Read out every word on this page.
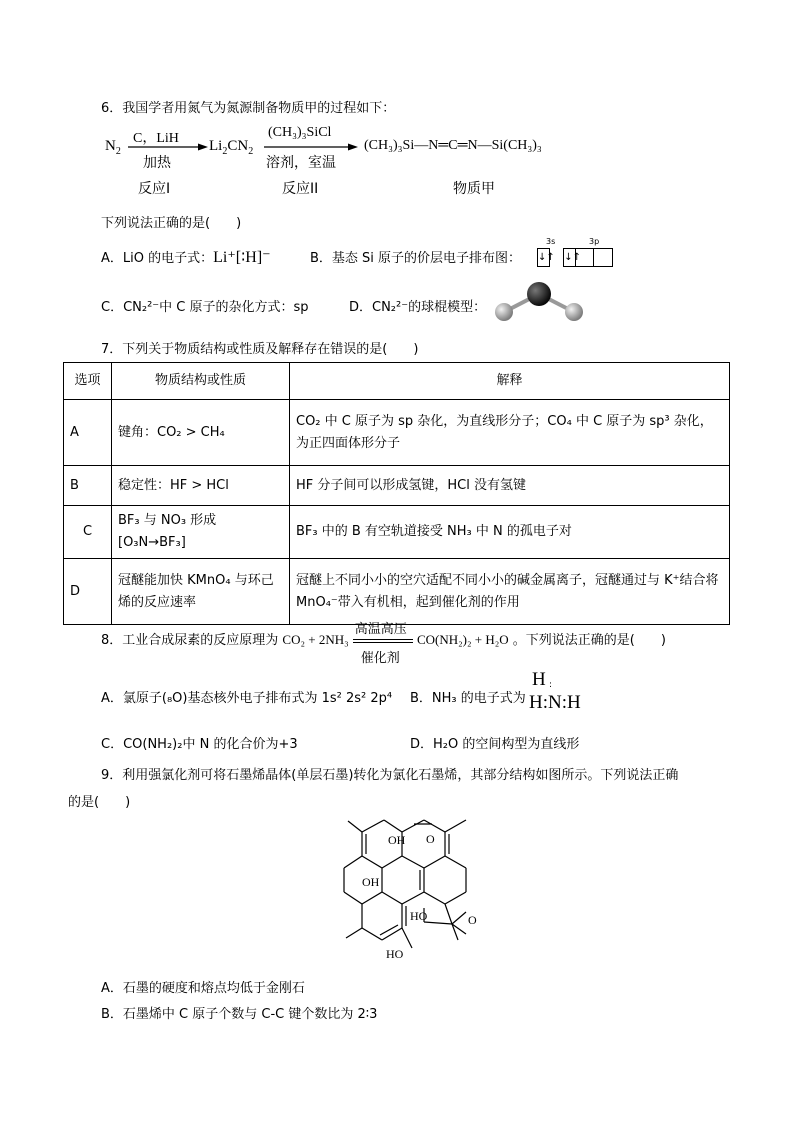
6．我国学者用氮气为氮源制备物质甲的过程如下：
$N_2$
C，LiH
加热
$Li_2CN_2$
(CH₃)₃SiCl
溶剂，室温
(CH₃)₃Si—N═C═N—Si(CH₃)₃
反应I	反应II	物质甲
下列说法正确的是(　　)
A．LiO 的电子式：Li⁺[∶H]⁻	B．基态 Si 原子的价层电子排布图：
3s	3p
↓↑ ↓↑
C．CN₂²⁻中 C 原子的杂化方式：sp	D．CN₂²⁻的球棍模型：
7．下列关于物质结构或性质及解释存在错误的是(　　)
选项	物质结构或性质	解释
A	键角：CO₂ > CH₄	CO₂ 中 C 原子为 sp 杂化，为直线形分子；CO₄ 中 C 原子为 sp³ 杂化，为正四面体形分子
B	稳定性：HF > HCl	HF 分子间可以形成氢键，HCl 没有氢键
C	BF₃ 与 NO₃ 形成[O₃N→BF₃]	BF₃ 中的 B 有空轨道接受 NH₃ 中 N 的孤电子对
D	冠醚能加快 KMnO₄ 与环己烯的反应速率	冠醚上不同小小的空穴适配不同小小的碱金属离子，冠醚通过与 K⁺结合将 MnO₄⁻带入有机相，起到催化剂的作用
8．工业合成尿素的反应原理为 CO₂ + 2NH₃
高温高压
催化剂
CO(NH₂)₂ + H₂O 。下列说法正确的是(　　)
A．氯原子(₈O)基态核外电子排布式为 1s² 2s² 2p⁴ B．NH₃ 的电子式为
H :
H:N:H
C．CO(NH₂)₂中 N 的化合价为+3	D．H₂O 的空间构型为直线形
9．利用强氯化剂可将石墨烯晶体(单层石墨)转化为氯化石墨烯，其部分结构如图所示。下列说法正确
的是(　　)
OH O
OH
HO	O
HO
A．石墨的硬度和熔点均低于金刚石
B．石墨烯中 C 原子个数与 C-C 键个数比为 2∶3
